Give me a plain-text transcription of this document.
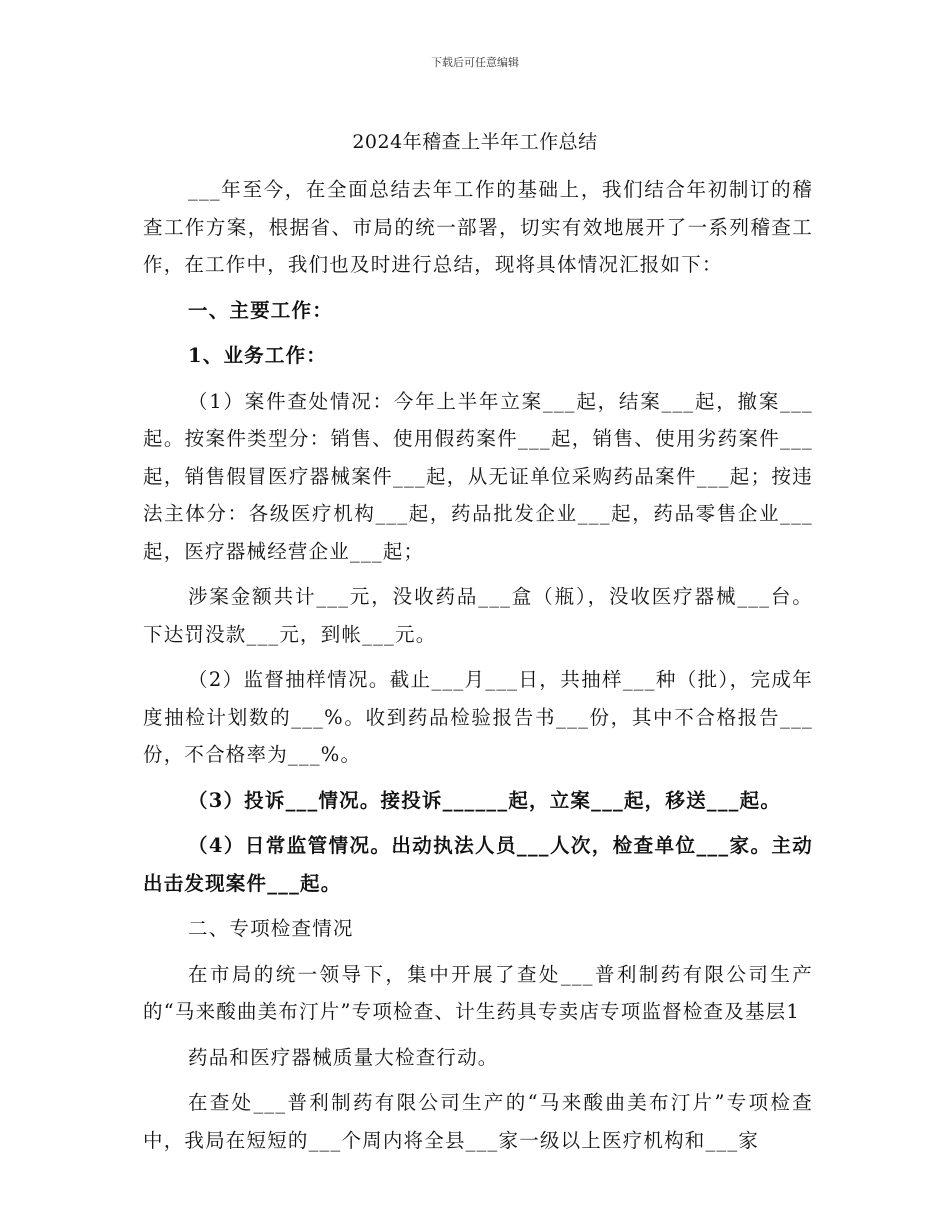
下载后可任意编辑
2024年稽查上半年工作总结

___年至今，在全面总结去年工作的基础上，我们结合年初制订的稽查工作方案，根据省、市局的统一部署，切实有效地展开了一系列稽查工作，在工作中，我们也及时进行总结，现将具体情况汇报如下：

一、主要工作：

1、业务工作：

（1）案件查处情况：今年上半年立案___起，结案___起，撤案___起。按案件类型分：销售、使用假药案件___起，销售、使用劣药案件___起，销售假冒医疗器械案件___起，从无证单位采购药品案件___起；按违法主体分：各级医疗机构___起，药品批发企业___起，药品零售企业___起，医疗器械经营企业___起；

涉案金额共计___元，没收药品___盒（瓶），没收医疗器械___台。下达罚没款___元，到帐___元。

（2）监督抽样情况。截止___月___日，共抽样___种（批），完成年度抽检计划数的___%。收到药品检验报告书___份，其中不合格报告___份，不合格率为___%。

（3）投诉___情况。接投诉______起，立案___起，移送___起。

（4）日常监管情况。出动执法人员___人次，检查单位___家。主动出击发现案件___起。

二、专项检查情况

在市局的统一领导下，集中开展了查处___普利制药有限公司生产的“马来酸曲美布汀片”专项检查、计生药具专卖店专项监督检查及基层1

药品和医疗器械质量大检查行动。

在查处___普利制药有限公司生产的“马来酸曲美布汀片”专项检查中，我局在短短的___个周内将全县___家一级以上医疗机构和___家
